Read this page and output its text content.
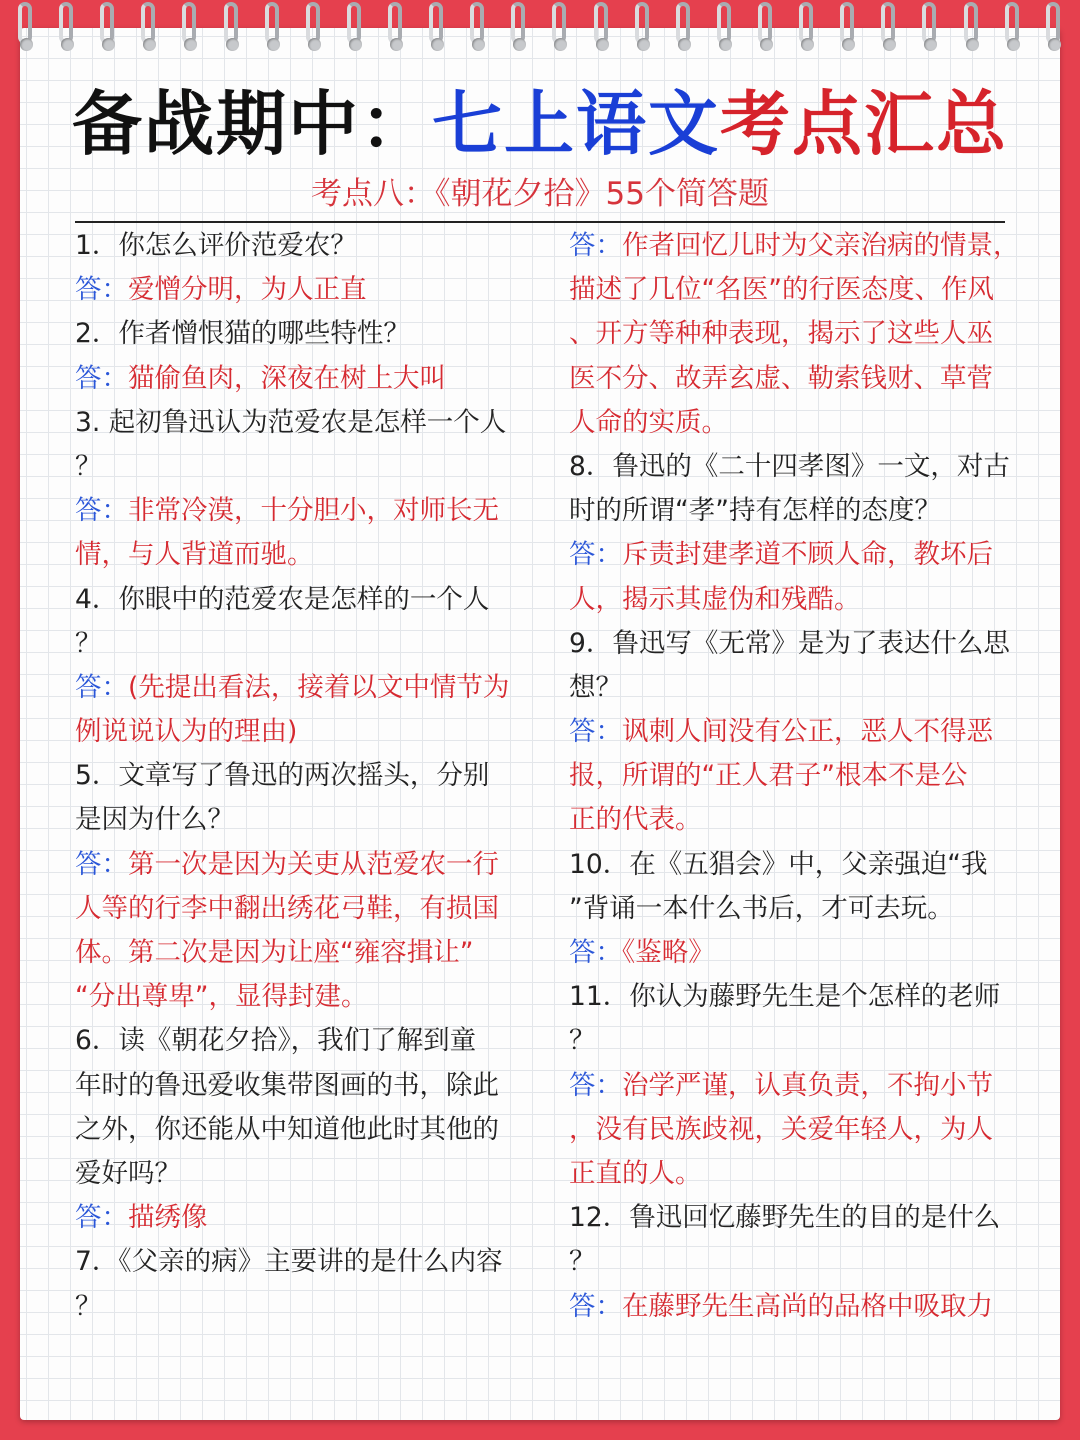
备战期中：七上语文考点汇总
考点八：《朝花夕拾》55个简答题
1．你怎么评价范爱农？
答：爱憎分明，为人正直
2．作者憎恨猫的哪些特性？
答：猫偷鱼肉，深夜在树上大叫
3. 起初鲁迅认为范爱农是怎样一个人
？
答：非常冷漠，十分胆小，对师长无
情，与人背道而驰。
4．你眼中的范爱农是怎样的一个人
？
答：(先提出看法，接着以文中情节为
例说说认为的理由)
5．文章写了鲁迅的两次摇头，分别
是因为什么？
答：第一次是因为关吏从范爱农一行
人等的行李中翻出绣花弓鞋，有损国
体。第二次是因为让座“雍容揖让”
“分出尊卑”，显得封建。
6．读《朝花夕拾》，我们了解到童
年时的鲁迅爱收集带图画的书，除此
之外，你还能从中知道他此时其他的
爱好吗？
答：描绣像
7．《父亲的病》主要讲的是什么内容
？
答：作者回忆儿时为父亲治病的情景，
描述了几位“名医”的行医态度、作风
、开方等种种表现，揭示了这些人巫
医不分、故弄玄虚、勒索钱财、草菅
人命的实质。
8．鲁迅的《二十四孝图》一文，对古
时的所谓“孝”持有怎样的态度？
答：斥责封建孝道不顾人命，教坏后
人，揭示其虚伪和残酷。
9．鲁迅写《无常》是为了表达什么思
想？
答：讽刺人间没有公正，恶人不得恶
报，所谓的“正人君子”根本不是公
正的代表。
10．在《五猖会》中，父亲强迫“我
”背诵一本什么书后，才可去玩。
答：《鉴略》
11．你认为藤野先生是个怎样的老师
？
答：治学严谨，认真负责，不拘小节
，没有民族歧视，关爱年轻人，为人
正直的人。
12．鲁迅回忆藤野先生的目的是什么
？
答：在藤野先生高尚的品格中吸取力
